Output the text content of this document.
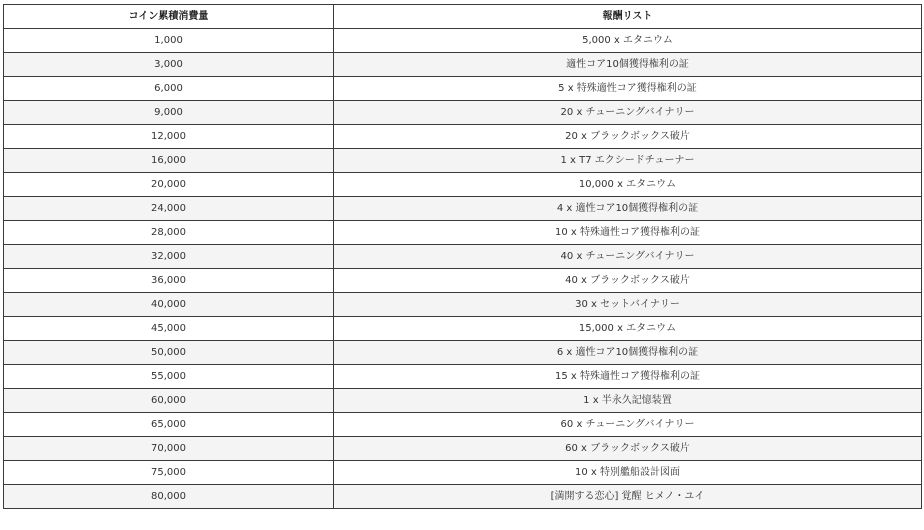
コイン累積消費量	報酬リスト
1,000	5,000 x エタニウム
3,000	適性コア10個獲得権利の証
6,000	5 x 特殊適性コア獲得権利の証
9,000	20 x チューニングバイナリー
12,000	20 x ブラックボックス破片
16,000	1 x T7 エクシードチューナー
20,000	10,000 x エタニウム
24,000	4 x 適性コア10個獲得権利の証
28,000	10 x 特殊適性コア獲得権利の証
32,000	40 x チューニングバイナリー
36,000	40 x ブラックボックス破片
40,000	30 x セットバイナリー
45,000	15,000 x エタニウム
50,000	6 x 適性コア10個獲得権利の証
55,000	15 x 特殊適性コア獲得権利の証
60,000	1 x 半永久記憶装置
65,000	60 x チューニングバイナリー
70,000	60 x ブラックボックス破片
75,000	10 x 特別艦船設計図面
80,000	[満開する恋心] 覚醒 ヒメノ・ユイ
